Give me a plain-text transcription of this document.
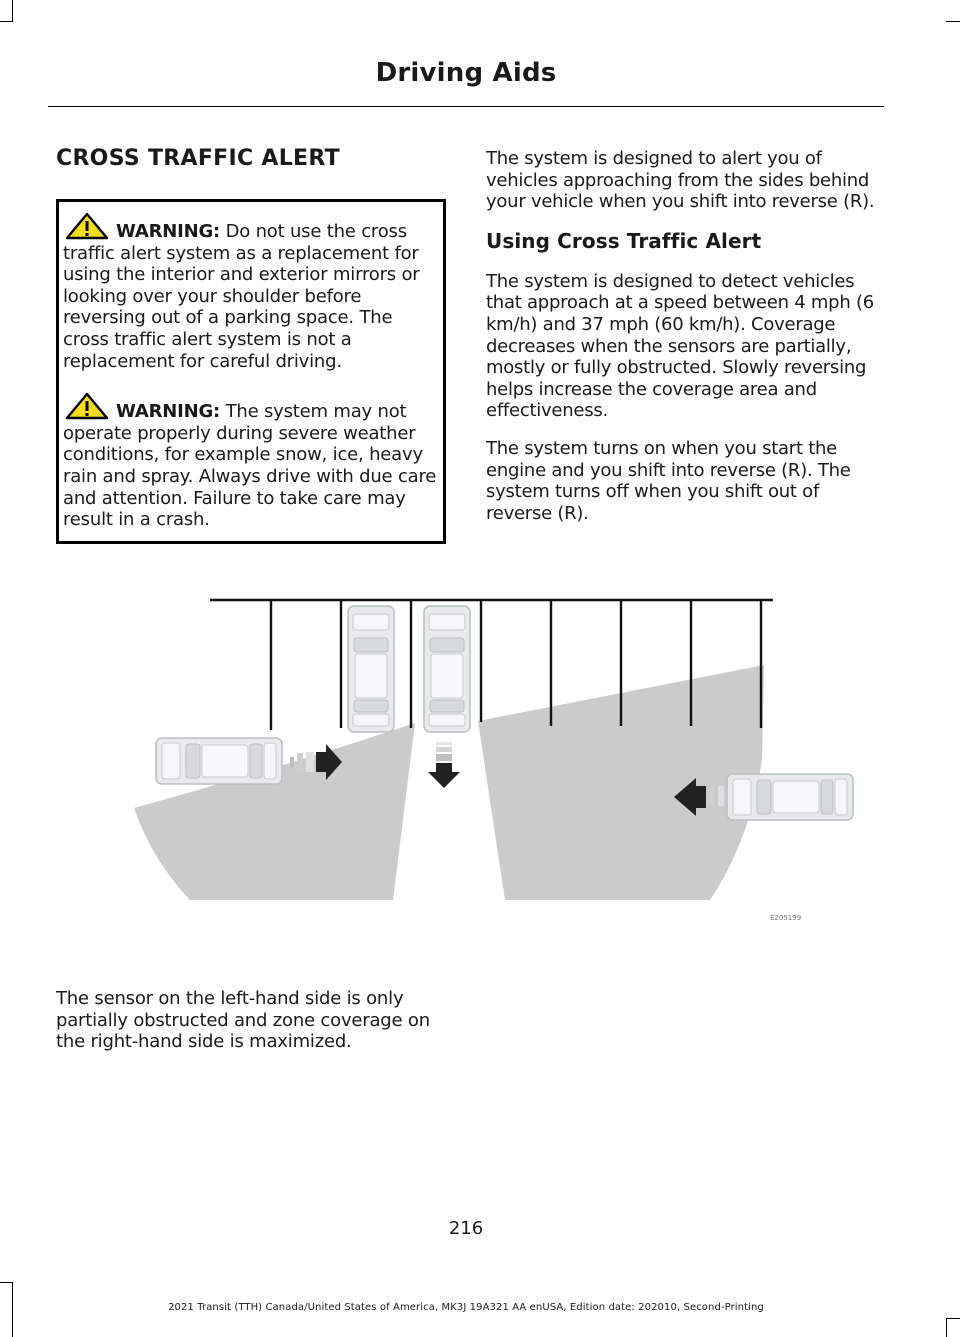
Driving Aids
CROSS TRAFFIC ALERT

WARNING: Do not use the cross traffic alert system as a replacement for using the interior and exterior mirrors or looking over your shoulder before reversing out of a parking space. The cross traffic alert system is not a replacement for careful driving.

WARNING: The system may not operate properly during severe weather conditions, for example snow, ice, heavy rain and spray. Always drive with due care and attention. Failure to take care may result in a crash.

The system is designed to alert you of vehicles approaching from the sides behind your vehicle when you shift into reverse (R).

Using Cross Traffic Alert

The system is designed to detect vehicles that approach at a speed between 4 mph (6 km/h) and 37 mph (60 km/h). Coverage decreases when the sensors are partially, mostly or fully obstructed. Slowly reversing helps increase the coverage area and effectiveness.

The system turns on when you start the engine and you shift into reverse (R). The system turns off when you shift out of reverse (R).

E205199

The sensor on the left-hand side is only partially obstructed and zone coverage on the right-hand side is maximized.

216
2021 Transit (TTH) Canada/United States of America, MK3J 19A321 AA enUSA, Edition date: 202010, Second-Printing
